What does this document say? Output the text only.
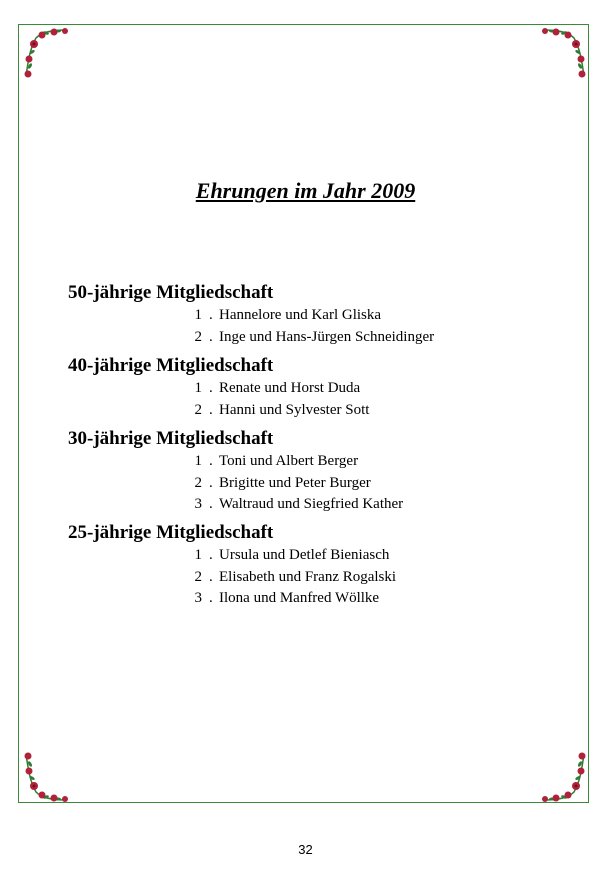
Ehrungen im Jahr 2009
50-jährige Mitgliedschaft
1 . Hannelore und Karl Gliska
2 . Inge und Hans-Jürgen Schneidinger
40-jährige Mitgliedschaft
1 . Renate und Horst Duda
2 . Hanni und Sylvester Sott
30-jährige Mitgliedschaft
1 . Toni und Albert Berger
2 . Brigitte und Peter Burger
3 . Waltraud und Siegfried Kather
25-jährige Mitgliedschaft
1 . Ursula und Detlef Bieniasch
2 . Elisabeth und Franz Rogalski
3 . Ilona und Manfred Wöllke
32
